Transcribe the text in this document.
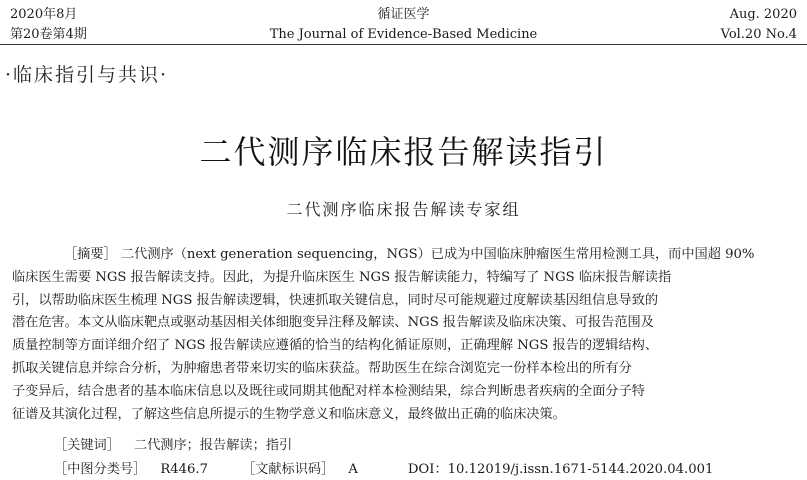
2020年8月
第20卷第4期
循证医学
The Journal of Evidence-Based Medicine
Aug. 2020
Vol.20 No.4
·临床指引与共识·
二代测序临床报告解读指引
二代测序临床报告解读专家组
［摘要］ 二代测序（next generation sequencing，NGS）已成为中国临床肿瘤医生常用检测工具，而中国超 90%
临床医生需要 NGS 报告解读支持。因此，为提升临床医生 NGS 报告解读能力，特编写了 NGS 临床报告解读指
引，以帮助临床医生梳理 NGS 报告解读逻辑，快速抓取关键信息，同时尽可能规避过度解读基因组信息导致的
潜在危害。本文从临床靶点或驱动基因相关体细胞变异注释及解读、NGS 报告解读及临床决策、可报告范围及
质量控制等方面详细介绍了 NGS 报告解读应遵循的恰当的结构化循证原则，正确理解 NGS 报告的逻辑结构、
抓取关键信息并综合分析，为肿瘤患者带来切实的临床获益。帮助医生在综合浏览完一份样本检出的所有分
子变异后，结合患者的基本临床信息以及既往或同期其他配对样本检测结果，综合判断患者疾病的全面分子特
征谱及其演化过程，了解这些信息所提示的生物学意义和临床意义，最终做出正确的临床决策。
［关键词］ 二代测序；报告解读；指引
［中图分类号］ R446.7	［文献标识码］ A	DOI：10.12019/j.issn.1671-5144.2020.04.001
